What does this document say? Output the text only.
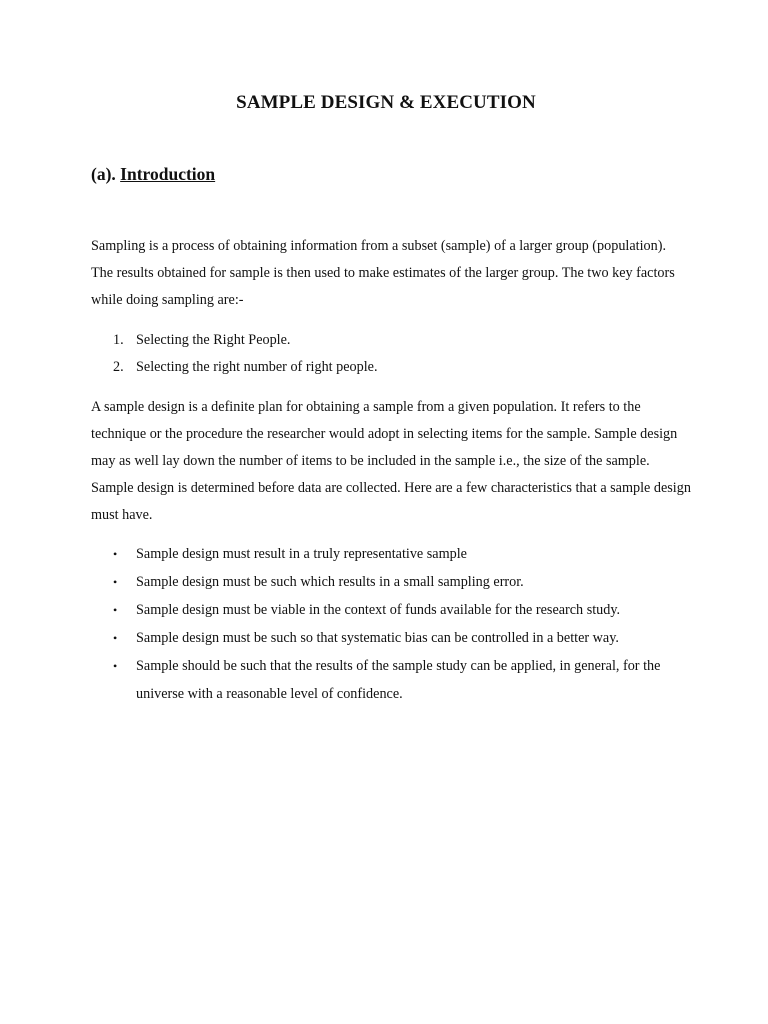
SAMPLE DESIGN & EXECUTION
(a). Introduction

Sampling is a process of obtaining information from a subset (sample) of a larger group (population). The results obtained for sample is then used to make estimates of the larger group. The two key factors while doing sampling are:-

1. Selecting the Right People.
2. Selecting the right number of right people.

A sample design is a definite plan for obtaining a sample from a given population. It refers to the technique or the procedure the researcher would adopt in selecting items for the sample. Sample design may as well lay down the number of items to be included in the sample i.e., the size of the sample. Sample design is determined before data are collected. Here are a few characteristics that a sample design must have.

• Sample design must result in a truly representative sample
• Sample design must be such which results in a small sampling error.
• Sample design must be viable in the context of funds available for the research study.
• Sample design must be such so that systematic bias can be controlled in a better way.
• Sample should be such that the results of the sample study can be applied, in general, for the universe with a reasonable level of confidence.
